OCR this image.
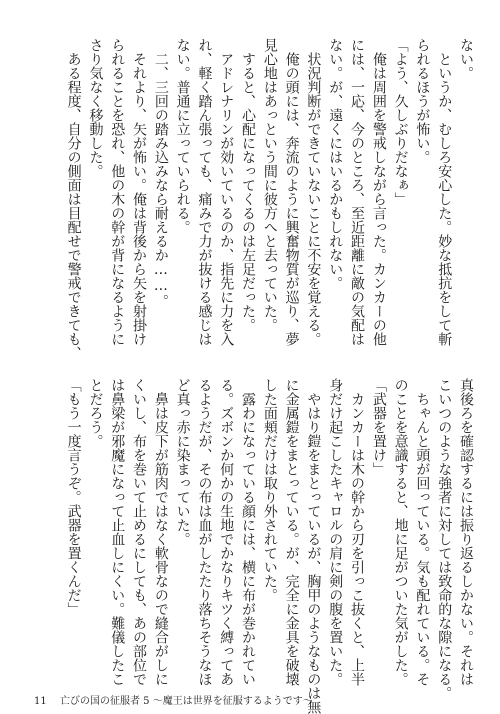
ない。
　というか、むしろ安心した。妙な抵抗をして斬
られるほうが怖い。
「よう、久しぶりだなぁ」
　俺は周囲を警戒しながら言った。カンカーの他
には、一応、今のところ、至近距離に敵の気配は
ない。が、遠くにはいるかもしれない。
　状況判断ができていないことに不安を覚える。
　俺の頭には、奔流のように興奮物質が巡り、夢
見心地はあっという間に彼方へと去っていた。
　すると、心配になってくるのは左足だった。
　アドレナリンが効いているのか、指先に力を入
れ、軽く踏ん張っても、痛みで力が抜ける感じは
ない。普通に立っていられる。
　二、三回の踏み込みなら耐えるか……。
　それより、矢が怖い。俺は背後から矢を射掛け
られることを恐れ、他の木の幹が背になるように
さり気なく移動した。
　ある程度、自分の側面は目配せで警戒できても、
真後ろを確認するには振り返るしかない。それは
こいつのような強者に対しては致命的な隙になる。
　ちゃんと頭が回っている。気も配れている。そ
のことを意識すると、地に足がついた気がした。
「武器を置け」
　カンカーは木の幹から刃を引っこ抜くと、上半
身だけ起こしたキャロルの肩に剣の腹を置いた。
　やはり鎧をまとっているが、胸甲のようなものは無
に金属鎧をまとっている。が、完全に金具を破壊
した面頬だけは取り外されていた。
　露わになっている顔には、横に布が巻かれてい
る。ズボンか何かの生地でかなりキツく縛ってあ
るようだが、その布は血がしたたり落ちそうなほ
ど真っ赤に染まっていた。
　鼻は皮下が筋肉ではなく軟骨なので縫合がしに
くいし、布を巻いて止めるにしても、あの部位で
は鼻梁が邪魔になって止血しにくい。難儀したこ
とだろう。
「もう一度言うぞ。武器を置くんだ」
11 亡びの国の征服者 5 〜魔王は世界を征服するようです〜
